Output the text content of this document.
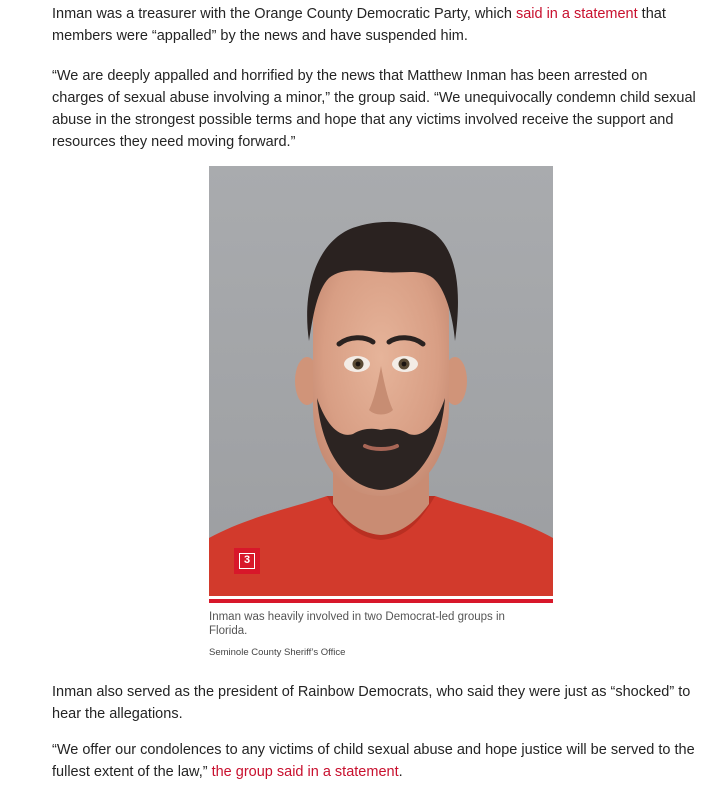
Inman was a treasurer with the Orange County Democratic Party, which said in a statement that members were “appalled” by the news and have suspended him.

“We are deeply appalled and horrified by the news that Matthew Inman has been arrested on charges of sexual abuse involving a minor,” the group said. “We unequivocally condemn child sexual abuse in the strongest possible terms and hope that any victims involved receive the support and resources they need moving forward.”

Inman also served as the president of Rainbow Democrats, who said they were just as “shocked” to hear the allegations.

“We offer our condolences to any victims of child sexual abuse and hope justice will be served to the fullest extent of the law,” the group said in a statement.

3
Inman was heavily involved in two Democrat-led groups in Florida.
Seminole County Sheriff’s Office
